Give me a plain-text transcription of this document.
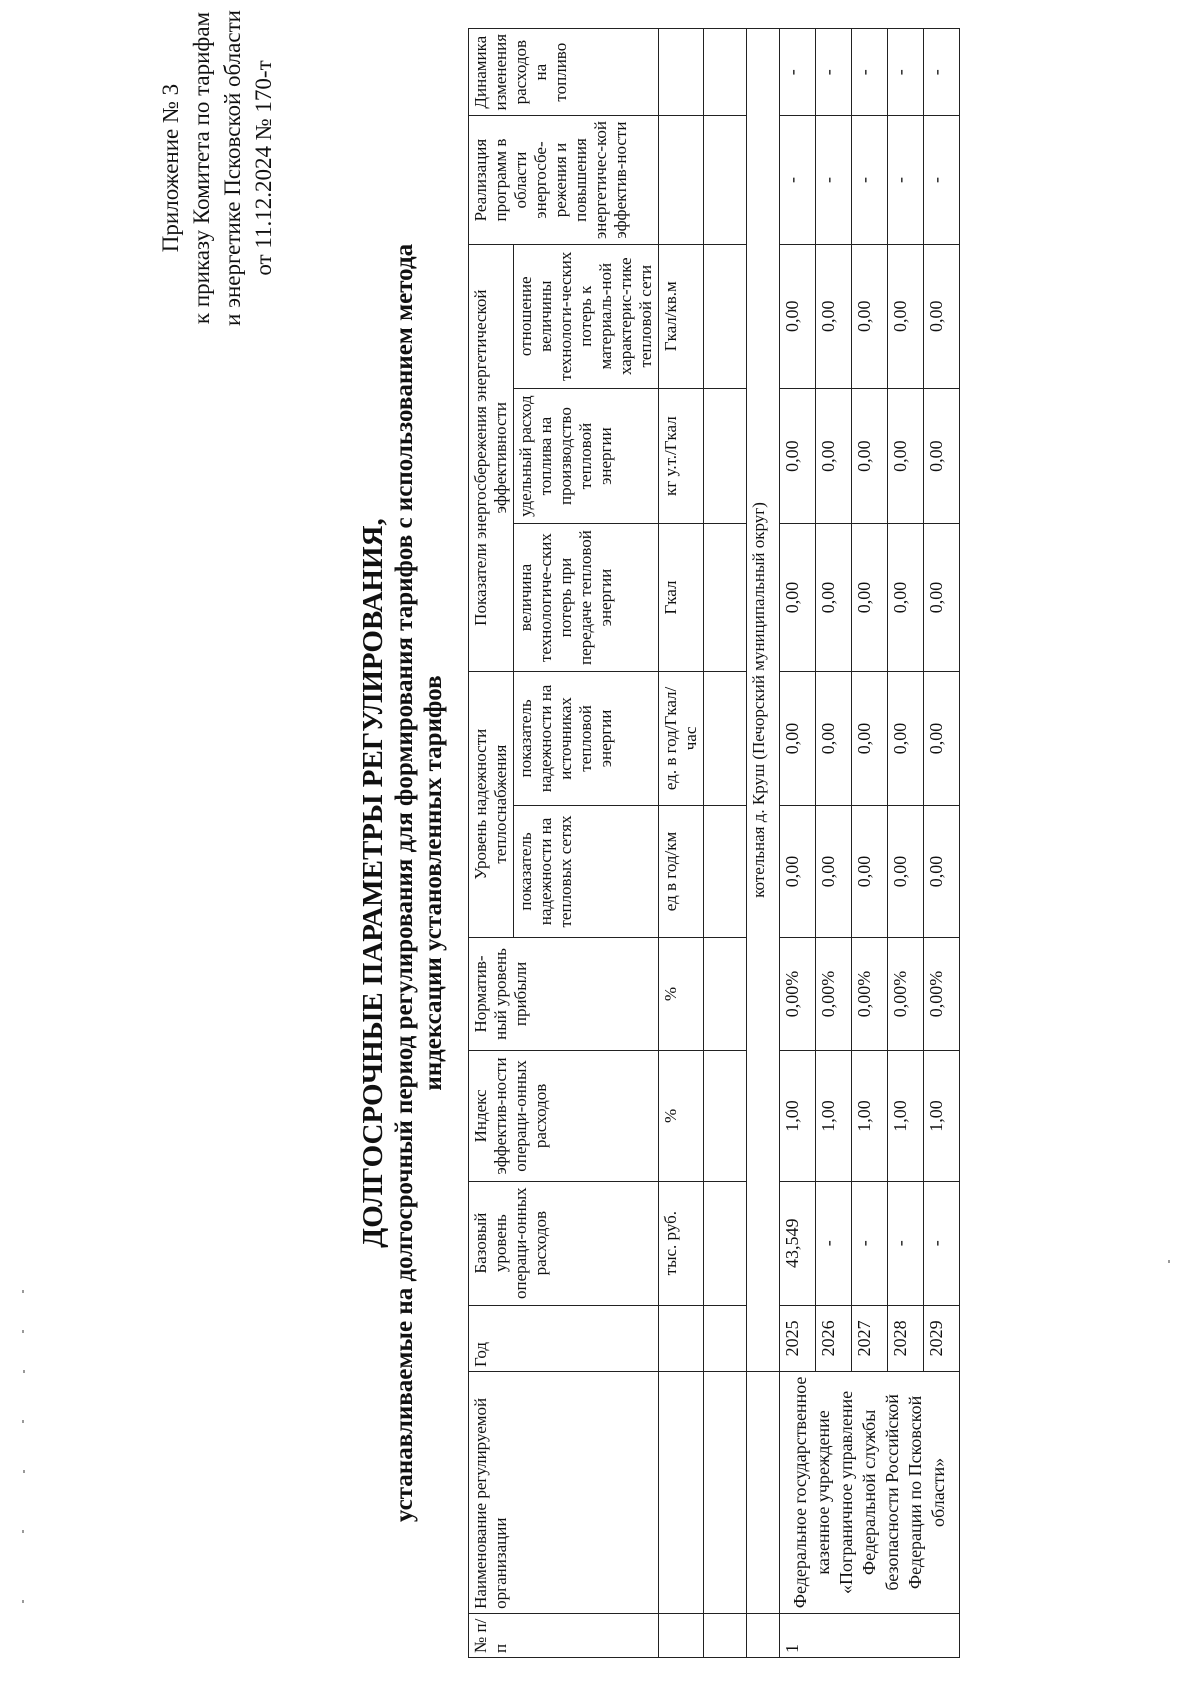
Приложение № 3 к приказу Комитета по тарифам и энергетике Псковской области от 11.12.2024 № 170-т
ДОЛГОСРОЧНЫЕ ПАРАМЕТРЫ РЕГУЛИРОВАНИЯ, устанавливаемые на долгосрочный период регулирования для формирования тарифов с использованием метода индексации установленных тарифов
№ п/п	Наименование регулируемой организации	Год	Базовый уровень операци-онных расходов	Индекс эффектив-ности операци-онных расходов	Норматив-ный уровень прибыли	Уровень надежности теплоснабжения		Показатели энергосбережения энергетической эффективности			Реализация программ в области энергосбе-режения и повышения энергетичес-кой эффектив-ности	Динамика изменения расходов на топливо
						показатель надежности на тепловых сетях	показатель надежности на источниках тепловой энергии	величина технологиче-ских потерь при передаче тепловой энергии	удельный расход топлива на производство тепловой энергии	отношение величины технологи-ческих потерь к материаль-ной характерис-тике тепловой сети		
			тыс. руб.	%	%	ед в год/км	ед. в год/Гкал/час	Гкал	кг у.т./Гкал	Гкал/кв.м		

		котельная д. Круш (Печорский муниципальный округ)										
1	Федеральное государственное казенное учреждение «Пограничное управление Федеральной службы безопасности Российской Федерации по Псковской области»	2025	43,549	1,00	0,00%	0,00	0,00	0,00	0,00	0,00	-	-
		2026	-	1,00	0,00%	0,00	0,00	0,00	0,00	0,00	-	-
		2027	-	1,00	0,00%	0,00	0,00	0,00	0,00	0,00	-	-
		2028	-	1,00	0,00%	0,00	0,00	0,00	0,00	0,00	-	-
		2029	-	1,00	0,00%	0,00	0,00	0,00	0,00	0,00	-	-
